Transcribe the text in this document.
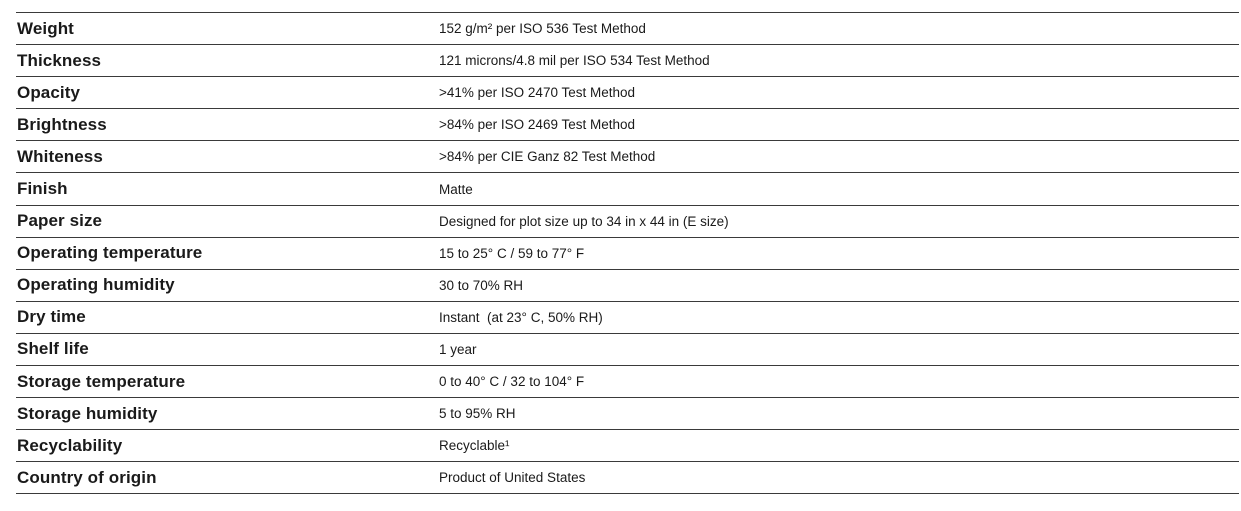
Weight	152 g/m² per ISO 536 Test Method
Thickness	121 microns/4.8 mil per ISO 534 Test Method
Opacity	>41% per ISO 2470 Test Method
Brightness	>84% per ISO 2469 Test Method
Whiteness	>84% per CIE Ganz 82 Test Method
Finish	Matte
Paper size	Designed for plot size up to 34 in x 44 in (E size)
Operating temperature	15 to 25° C / 59 to 77° F
Operating humidity	30 to 70% RH
Dry time	Instant  (at 23° C, 50% RH)
Shelf life	1 year
Storage temperature	0 to 40° C / 32 to 104° F
Storage humidity	5 to 95% RH
Recyclability	Recyclable¹
Country of origin	Product of United States
